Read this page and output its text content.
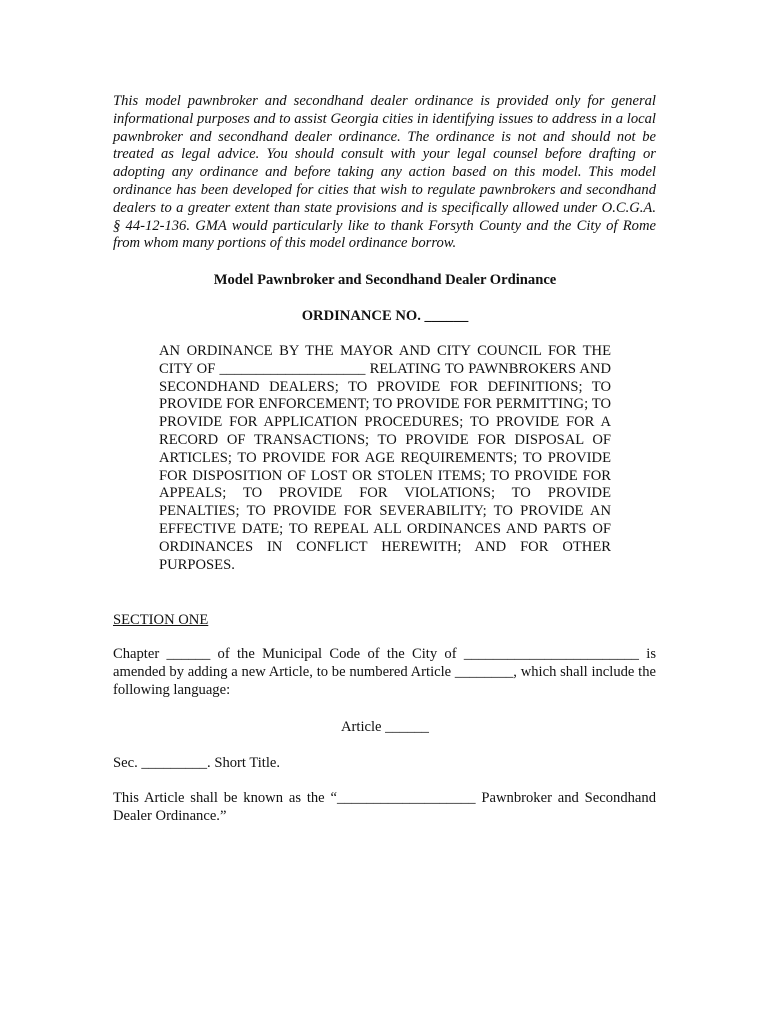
This model pawnbroker and secondhand dealer ordinance is provided only for general informational purposes and to assist Georgia cities in identifying issues to address in a local pawnbroker and secondhand dealer ordinance. The ordinance is not and should not be treated as legal advice. You should consult with your legal counsel before drafting or adopting any ordinance and before taking any action based on this model. This model ordinance has been developed for cities that wish to regulate pawnbrokers and secondhand dealers to a greater extent than state provisions and is specifically allowed under O.C.G.A. § 44-12-136. GMA would particularly like to thank Forsyth County and the City of Rome from whom many portions of this model ordinance borrow.

Model Pawnbroker and Secondhand Dealer Ordinance

ORDINANCE NO. ______

AN ORDINANCE BY THE MAYOR AND CITY COUNCIL FOR THE CITY OF ____________________ RELATING TO PAWNBROKERS AND SECONDHAND DEALERS; TO PROVIDE FOR DEFINITIONS; TO PROVIDE FOR ENFORCEMENT; TO PROVIDE FOR PERMITTING; TO PROVIDE FOR APPLICATION PROCEDURES; TO PROVIDE FOR A RECORD OF TRANSACTIONS; TO PROVIDE FOR DISPOSAL OF ARTICLES; TO PROVIDE FOR AGE REQUIREMENTS; TO PROVIDE FOR DISPOSITION OF LOST OR STOLEN ITEMS; TO PROVIDE FOR APPEALS; TO PROVIDE FOR VIOLATIONS; TO PROVIDE PENALTIES; TO PROVIDE FOR SEVERABILITY; TO PROVIDE AN EFFECTIVE DATE; TO REPEAL ALL ORDINANCES AND PARTS OF ORDINANCES IN CONFLICT HEREWITH; AND FOR OTHER PURPOSES.

SECTION ONE

Chapter ______ of the Municipal Code of the City of ________________________ is amended by adding a new Article, to be numbered Article ________, which shall include the following language:

Article ______

Sec. _________. Short Title.

This Article shall be known as the “___________________ Pawnbroker and Secondhand Dealer Ordinance.”
